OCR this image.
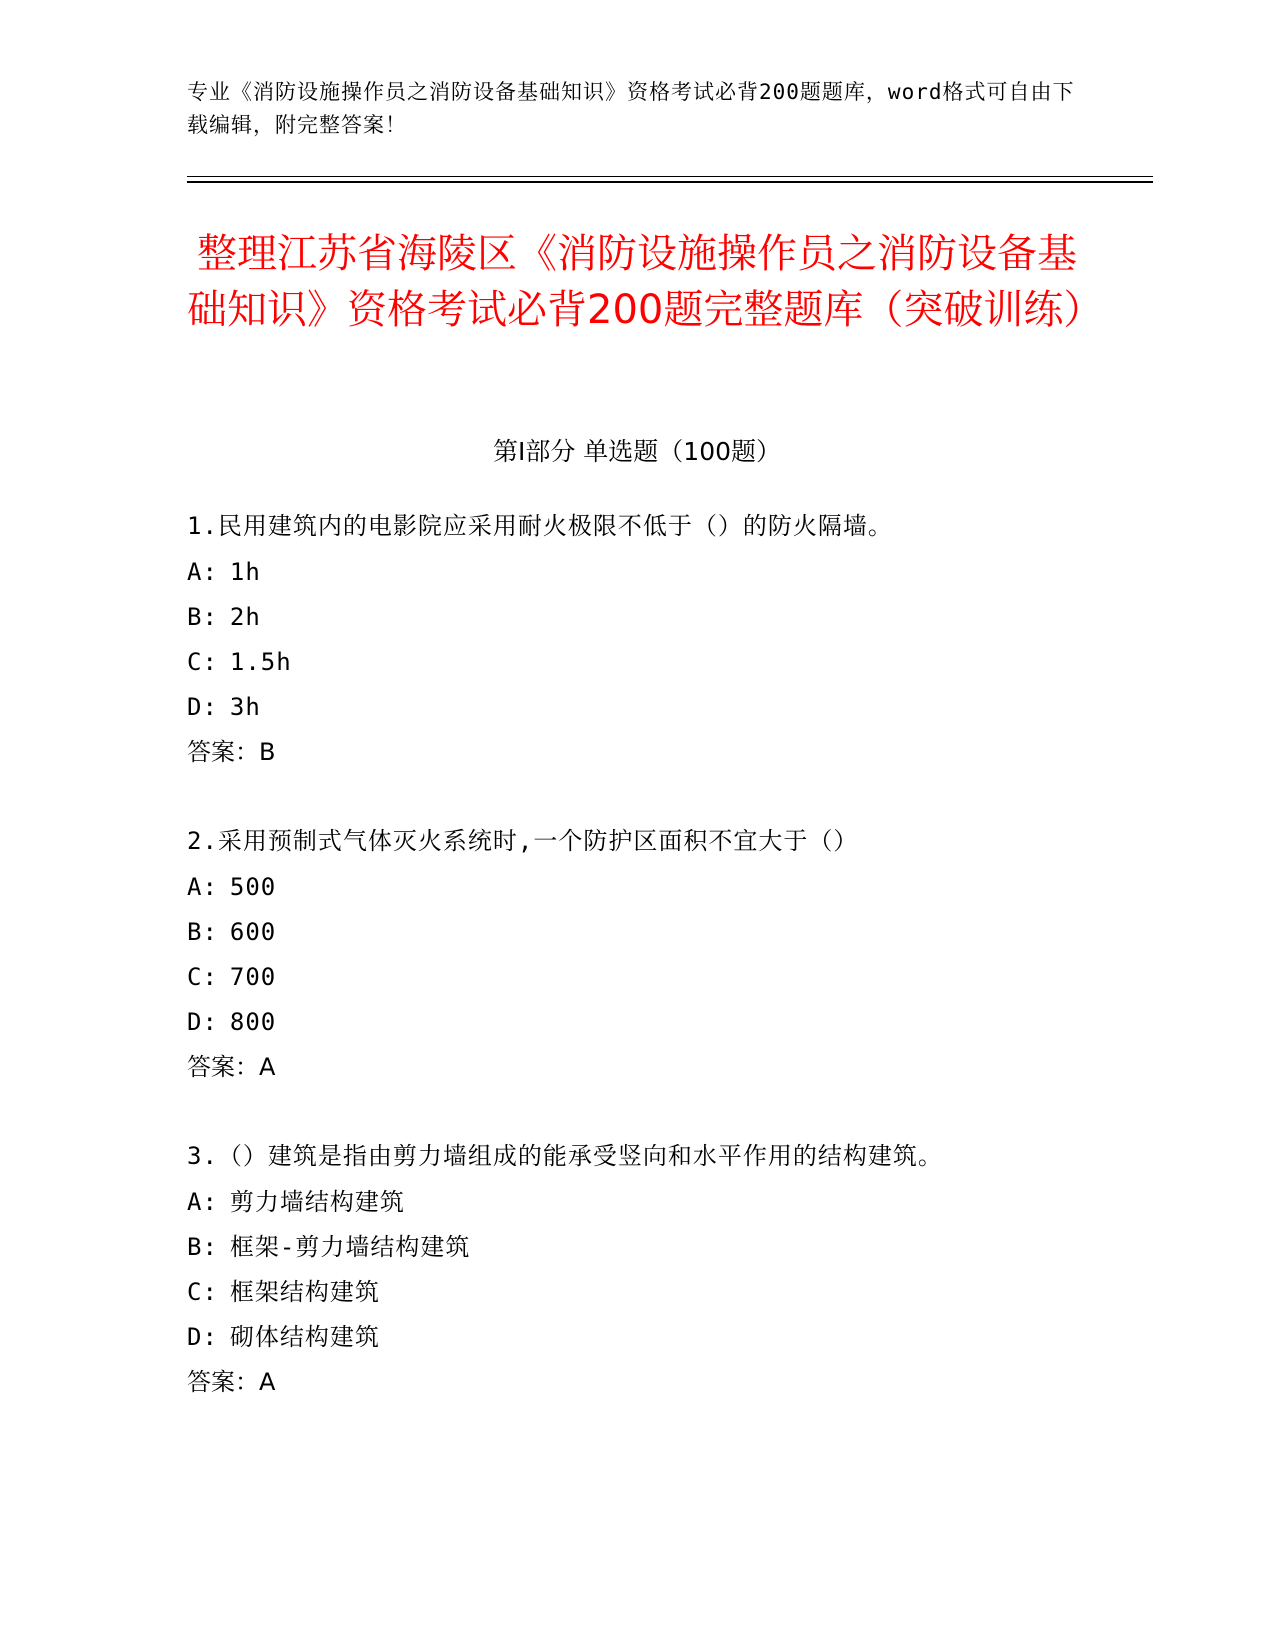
专业《消防设施操作员之消防设备基础知识》资格考试必背200题题库，word格式可自由下载编辑，附完整答案！
整理江苏省海陵区《消防设施操作员之消防设备基础知识》资格考试必背200题完整题库（突破训练）
第Ⅰ部分 单选题（100题）
1.民用建筑内的电影院应采用耐火极限不低于（）的防火隔墙。
A: 1h
B: 2h
C: 1.5h
D: 3h
答案：B
2.采用预制式气体灭火系统时,一个防护区面积不宜大于（）
A: 500
B: 600
C: 700
D: 800
答案：A
3.（）建筑是指由剪力墙组成的能承受竖向和水平作用的结构建筑。
A: 剪力墙结构建筑
B: 框架-剪力墙结构建筑
C: 框架结构建筑
D: 砌体结构建筑
答案：A
